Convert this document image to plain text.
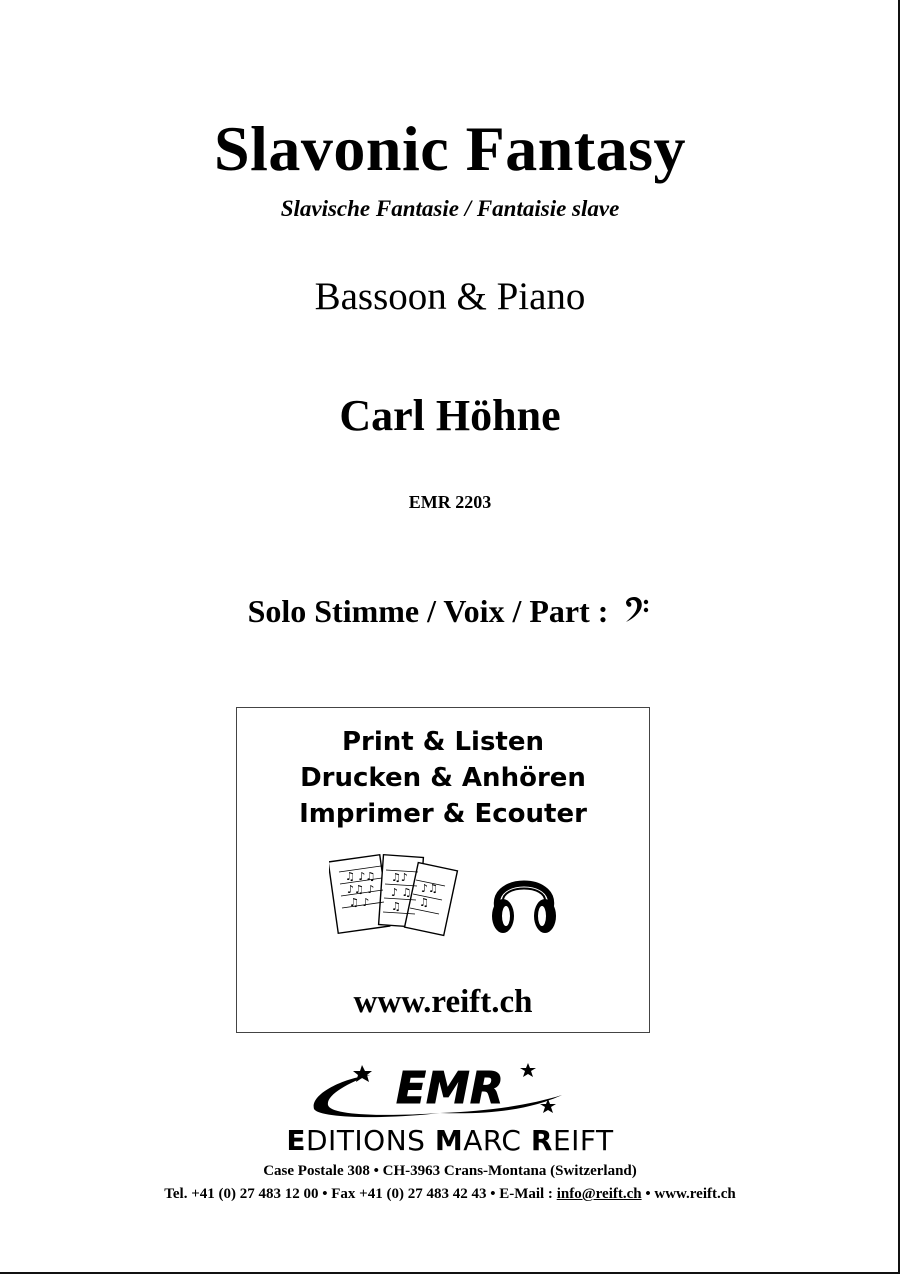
Slavonic Fantasy
Slavische Fantasie / Fantaisie slave
Bassoon & Piano
Carl Höhne
EMR 2203
Solo Stimme / Voix / Part :
Print & Listen
Drucken & Anhören
Imprimer & Ecouter
♫ ♪♫
♪♫ ♪
♫ ♪
♫♪
♪ ♫
♫
♪♫
♫
www.reift.ch
EMR
EDITIONS MARC REIFT
Case Postale 308 • CH-3963 Crans-Montana (Switzerland)
Tel. +41 (0) 27 483 12 00 • Fax +41 (0) 27 483 42 43 • E-Mail : info@reift.ch • www.reift.ch
